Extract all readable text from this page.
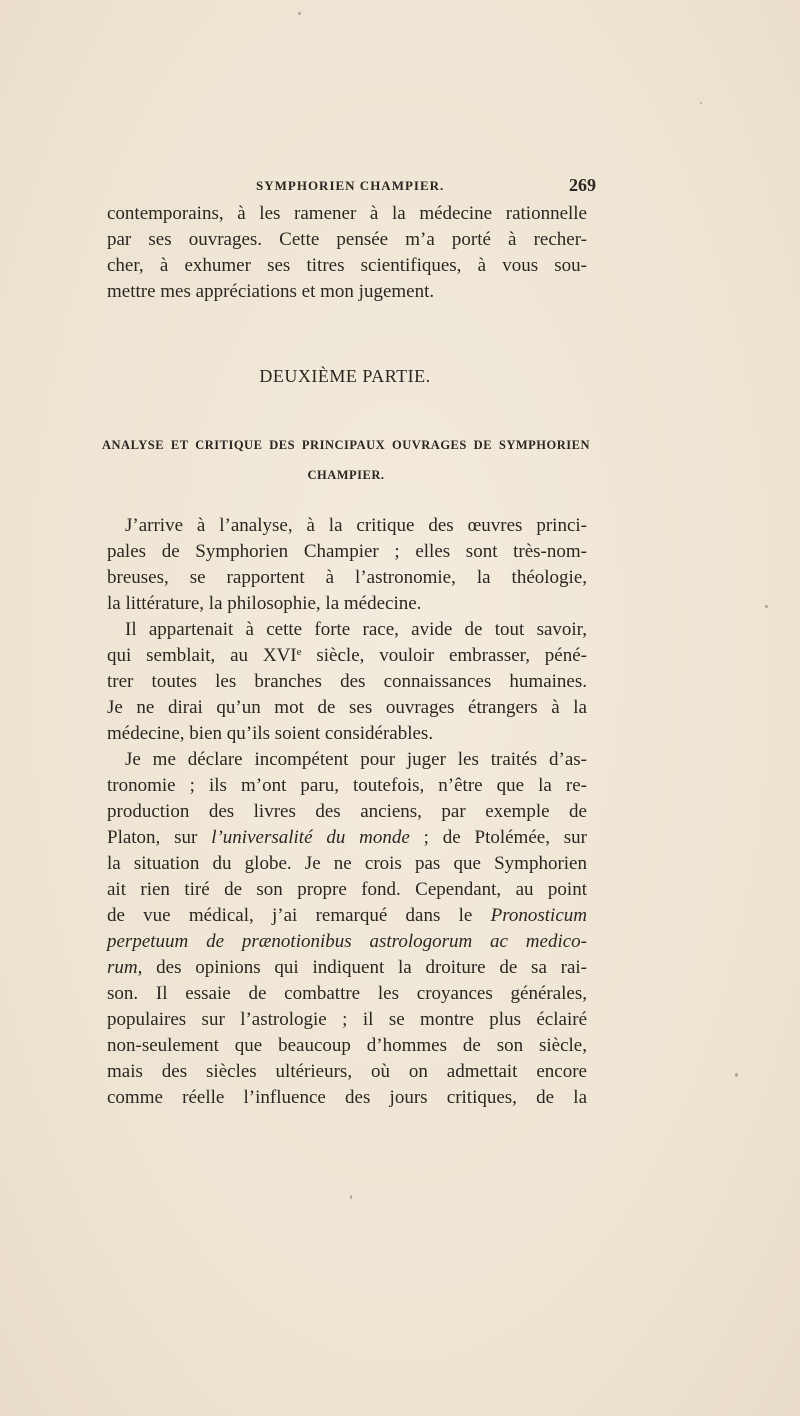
SYMPHORIEN CHAMPIER.	269
contemporains, à les ramener à la médecine rationnelle
par ses ouvrages. Cette pensée m’a porté à recher-
cher, à exhumer ses titres scientifiques, à vous sou-
mettre mes appréciations et mon jugement.
DEUXIÈME PARTIE.
ANALYSE ET CRITIQUE DES PRINCIPAUX OUVRAGES DE SYMPHORIEN
CHAMPIER.
J’arrive à l’analyse, à la critique des œuvres princi-
pales de Symphorien Champier ; elles sont très-nom-
breuses, se rapportent à l’astronomie, la théologie,
la littérature, la philosophie, la médecine.
Il appartenait à cette forte race, avide de tout savoir,
qui semblait, au XVIe siècle, vouloir embrasser, péné-
trer toutes les branches des connaissances humaines.
Je ne dirai qu’un mot de ses ouvrages étrangers à la
médecine, bien qu’ils soient considérables.
Je me déclare incompétent pour juger les traités d’as-
tronomie ; ils m’ont paru, toutefois, n’être que la re-
production des livres des anciens, par exemple de
Platon, sur l’universalité du monde ; de Ptolémée, sur
la situation du globe. Je ne crois pas que Symphorien
ait rien tiré de son propre fond. Cependant, au point
de vue médical, j’ai remarqué dans le Pronosticum
perpetuum de prænotionibus astrologorum ac medico-
rum, des opinions qui indiquent la droiture de sa rai-
son. Il essaie de combattre les croyances générales,
populaires sur l’astrologie ; il se montre plus éclairé
non-seulement que beaucoup d’hommes de son siècle,
mais des siècles ultérieurs, où on admettait encore
comme réelle l’influence des jours critiques, de la
